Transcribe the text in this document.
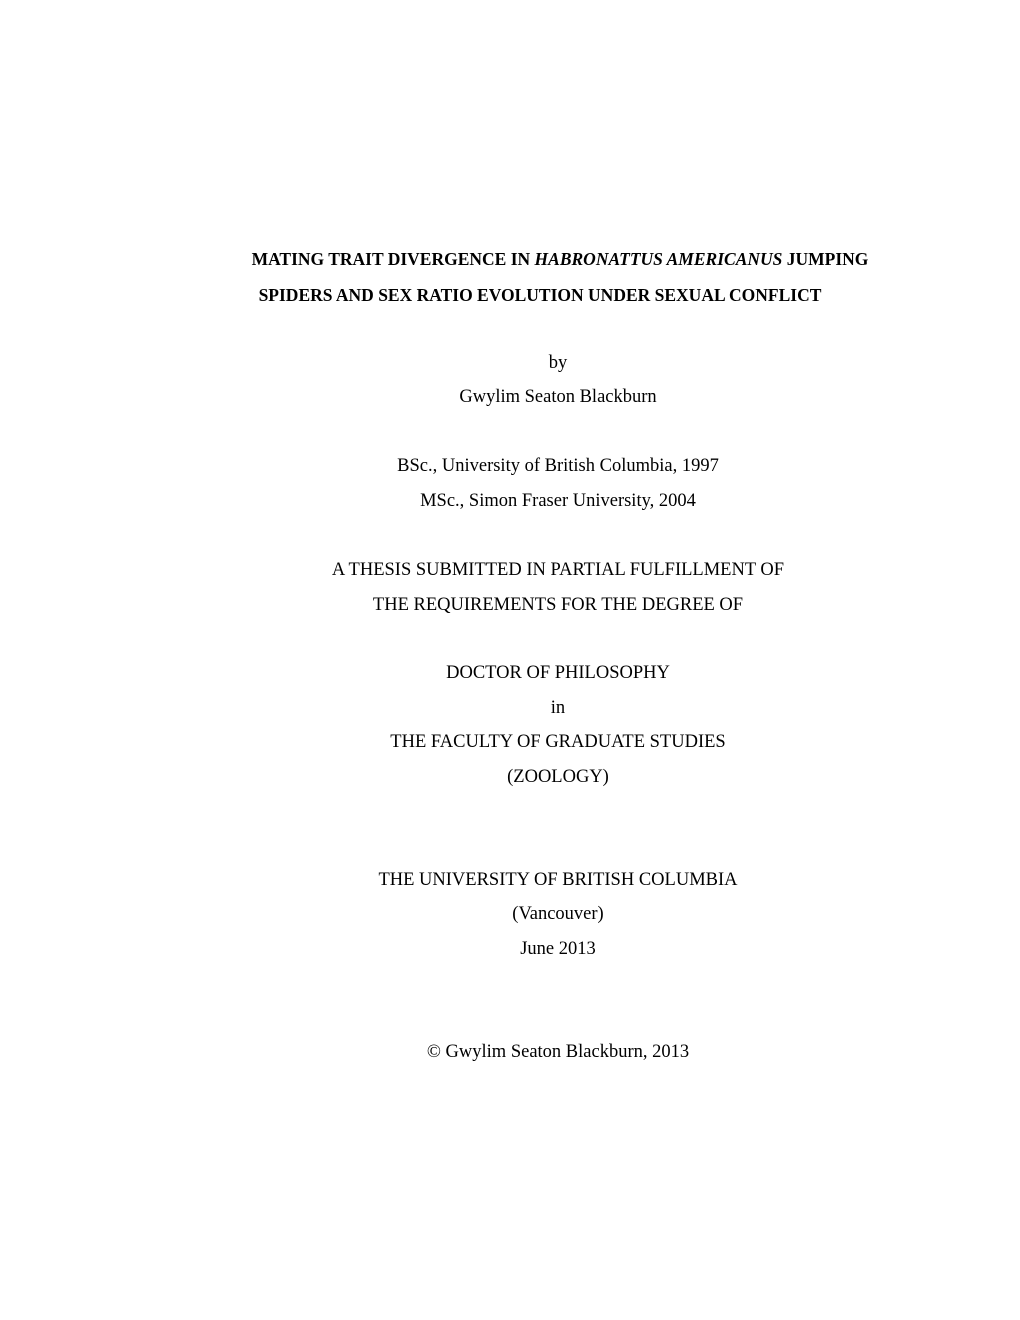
MATING TRAIT DIVERGENCE IN HABRONATTUS AMERICANUS JUMPING
SPIDERS AND SEX RATIO EVOLUTION UNDER SEXUAL CONFLICT
by
Gwylim Seaton Blackburn
BSc., University of British Columbia, 1997
MSc., Simon Fraser University, 2004
A THESIS SUBMITTED IN PARTIAL FULFILLMENT OF
THE REQUIREMENTS FOR THE DEGREE OF
DOCTOR OF PHILOSOPHY
in
THE FACULTY OF GRADUATE STUDIES
(ZOOLOGY)
THE UNIVERSITY OF BRITISH COLUMBIA
(Vancouver)
June 2013
© Gwylim Seaton Blackburn, 2013
